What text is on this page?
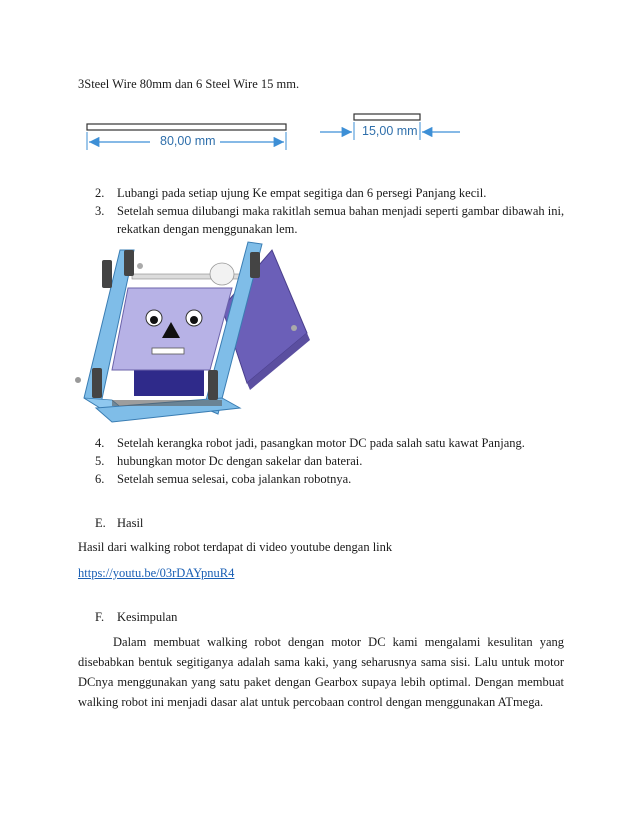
3Steel Wire 80mm dan 6 Steel Wire 15 mm.
80,00 mm
15,00 mm
2. Lubangi pada setiap ujung Ke empat segitiga dan 6 persegi Panjang kecil.
3. Setelah semua dilubangi maka rakitlah semua bahan menjadi seperti gambar dibawah ini,
rekatkan dengan menggunakan lem.
4. Setelah kerangka robot jadi, pasangkan motor DC pada salah satu kawat Panjang.
5. hubungkan motor Dc dengan sakelar dan baterai.
6. Setelah semua selesai, coba jalankan robotnya.
E. Hasil
Hasil dari walking robot terdapat di video youtube dengan link
https://youtu.be/03rDAYpnuR4
F. Kesimpulan
Dalam membuat walking robot dengan motor DC kami mengalami kesulitan yang
disebabkan bentuk segitiganya adalah sama kaki, yang seharusnya sama sisi. Lalu untuk motor
DCnya menggunakan yang satu paket dengan Gearbox supaya lebih optimal. Dengan membuat
walking robot ini menjadi dasar alat untuk percobaan control dengan menggunakan ATmega.
